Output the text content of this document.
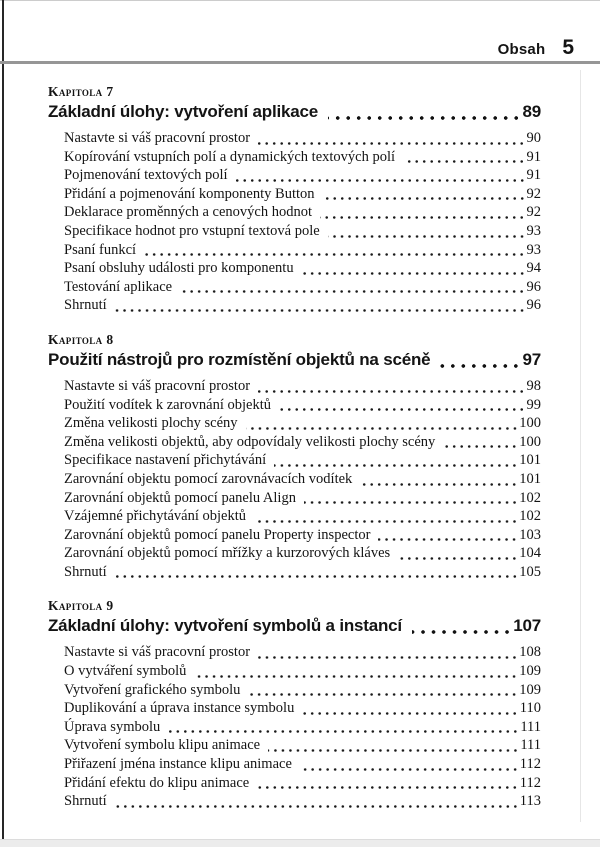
Obsah 5
Kapitola 7
Základní úlohy: vytvoření aplikace	89
Nastavte si váš pracovní prostor	90
Kopírování vstupních polí a dynamických textových polí	91
Pojmenování textových polí	91
Přidání a pojmenování komponenty Button	92
Deklarace proměnných a cenových hodnot	92
Specifikace hodnot pro vstupní textová pole	93
Psaní funkcí	93
Psaní obsluhy události pro komponentu	94
Testování aplikace	96
Shrnutí	96
Kapitola 8
Použití nástrojů pro rozmístění objektů na scéně	97
Nastavte si váš pracovní prostor	98
Použití vodítek k zarovnání objektů	99
Změna velikosti plochy scény	100
Změna velikosti objektů, aby odpovídaly velikosti plochy scény	100
Specifikace nastavení přichytávání	101
Zarovnání objektu pomocí zarovnávacích vodítek	101
Zarovnání objektů pomocí panelu Align	102
Vzájemné přichytávání objektů	102
Zarovnání objektů pomocí panelu Property inspector	103
Zarovnání objektů pomocí mřížky a kurzorových kláves	104
Shrnutí	105
Kapitola 9
Základní úlohy: vytvoření symbolů a instancí	107
Nastavte si váš pracovní prostor	108
O vytváření symbolů	109
Vytvoření grafického symbolu	109
Duplikování a úprava instance symbolu	110
Úprava symbolu	111
Vytvoření symbolu klipu animace	111
Přiřazení jména instance klipu animace	112
Přidání efektu do klipu animace	112
Shrnutí	113
